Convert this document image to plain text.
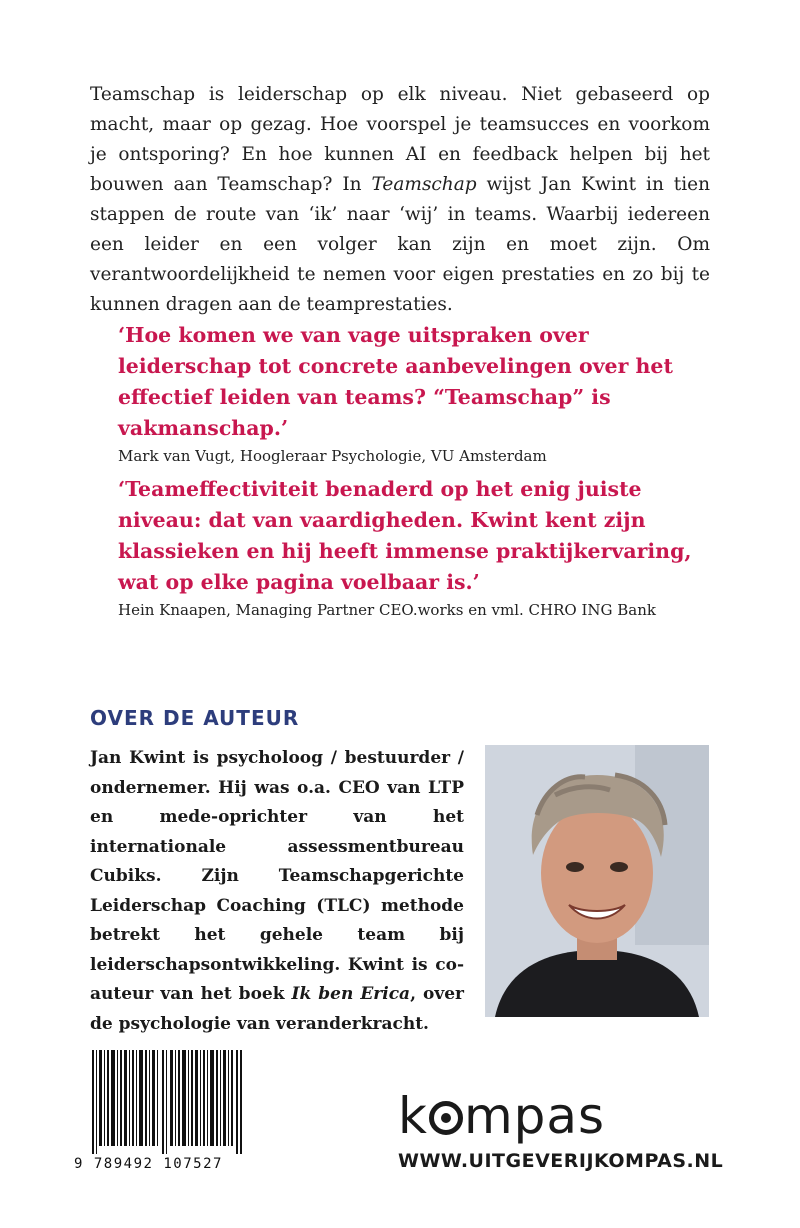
Teamschap is leiderschap op elk niveau. Niet gebaseerd op macht, maar op gezag. Hoe voorspel je teamsucces en voorkom je ontsporing? En hoe kunnen AI en feedback helpen bij het bouwen aan Teamschap? In Teamschap wijst Jan Kwint in tien stappen de route van ‘ik’ naar ‘wij’ in teams. Waarbij iedereen een leider en een volger kan zijn en moet zijn. Om verantwoordelijkheid te nemen voor eigen prestaties en zo bij te kunnen dragen aan de teamprestaties.

‘Hoe komen we van vage uitspraken over leiderschap tot concrete aanbevelingen over het effectief leiden van teams? “Teamschap” is vakmanschap.’

Mark van Vugt, Hoogleraar Psychologie, VU Amsterdam

‘Teameffectiviteit benaderd op het enig juiste niveau: dat van vaardigheden. Kwint kent zijn klassieken en hij heeft immense praktijkervaring, wat op elke pagina voelbaar is.’

Hein Knaapen, Managing Partner CEO.works en vml. CHRO ING Bank

OVER DE AUTEUR

Jan Kwint is psycholoog / bestuurder / ondernemer. Hij was o.a. CEO van LTP en mede-oprichter van het internationale assessmentbureau Cubiks. Zijn Teamschapgerichte Leiderschap Coaching (TLC) methode betrekt het gehele team bij leiderschapsontwikkeling. Kwint is co-auteur van het boek Ik ben Erica, over de psychologie van veranderkracht.

9 789492 107527
k mpas
WWW.UITGEVERIJKOMPAS.NL
